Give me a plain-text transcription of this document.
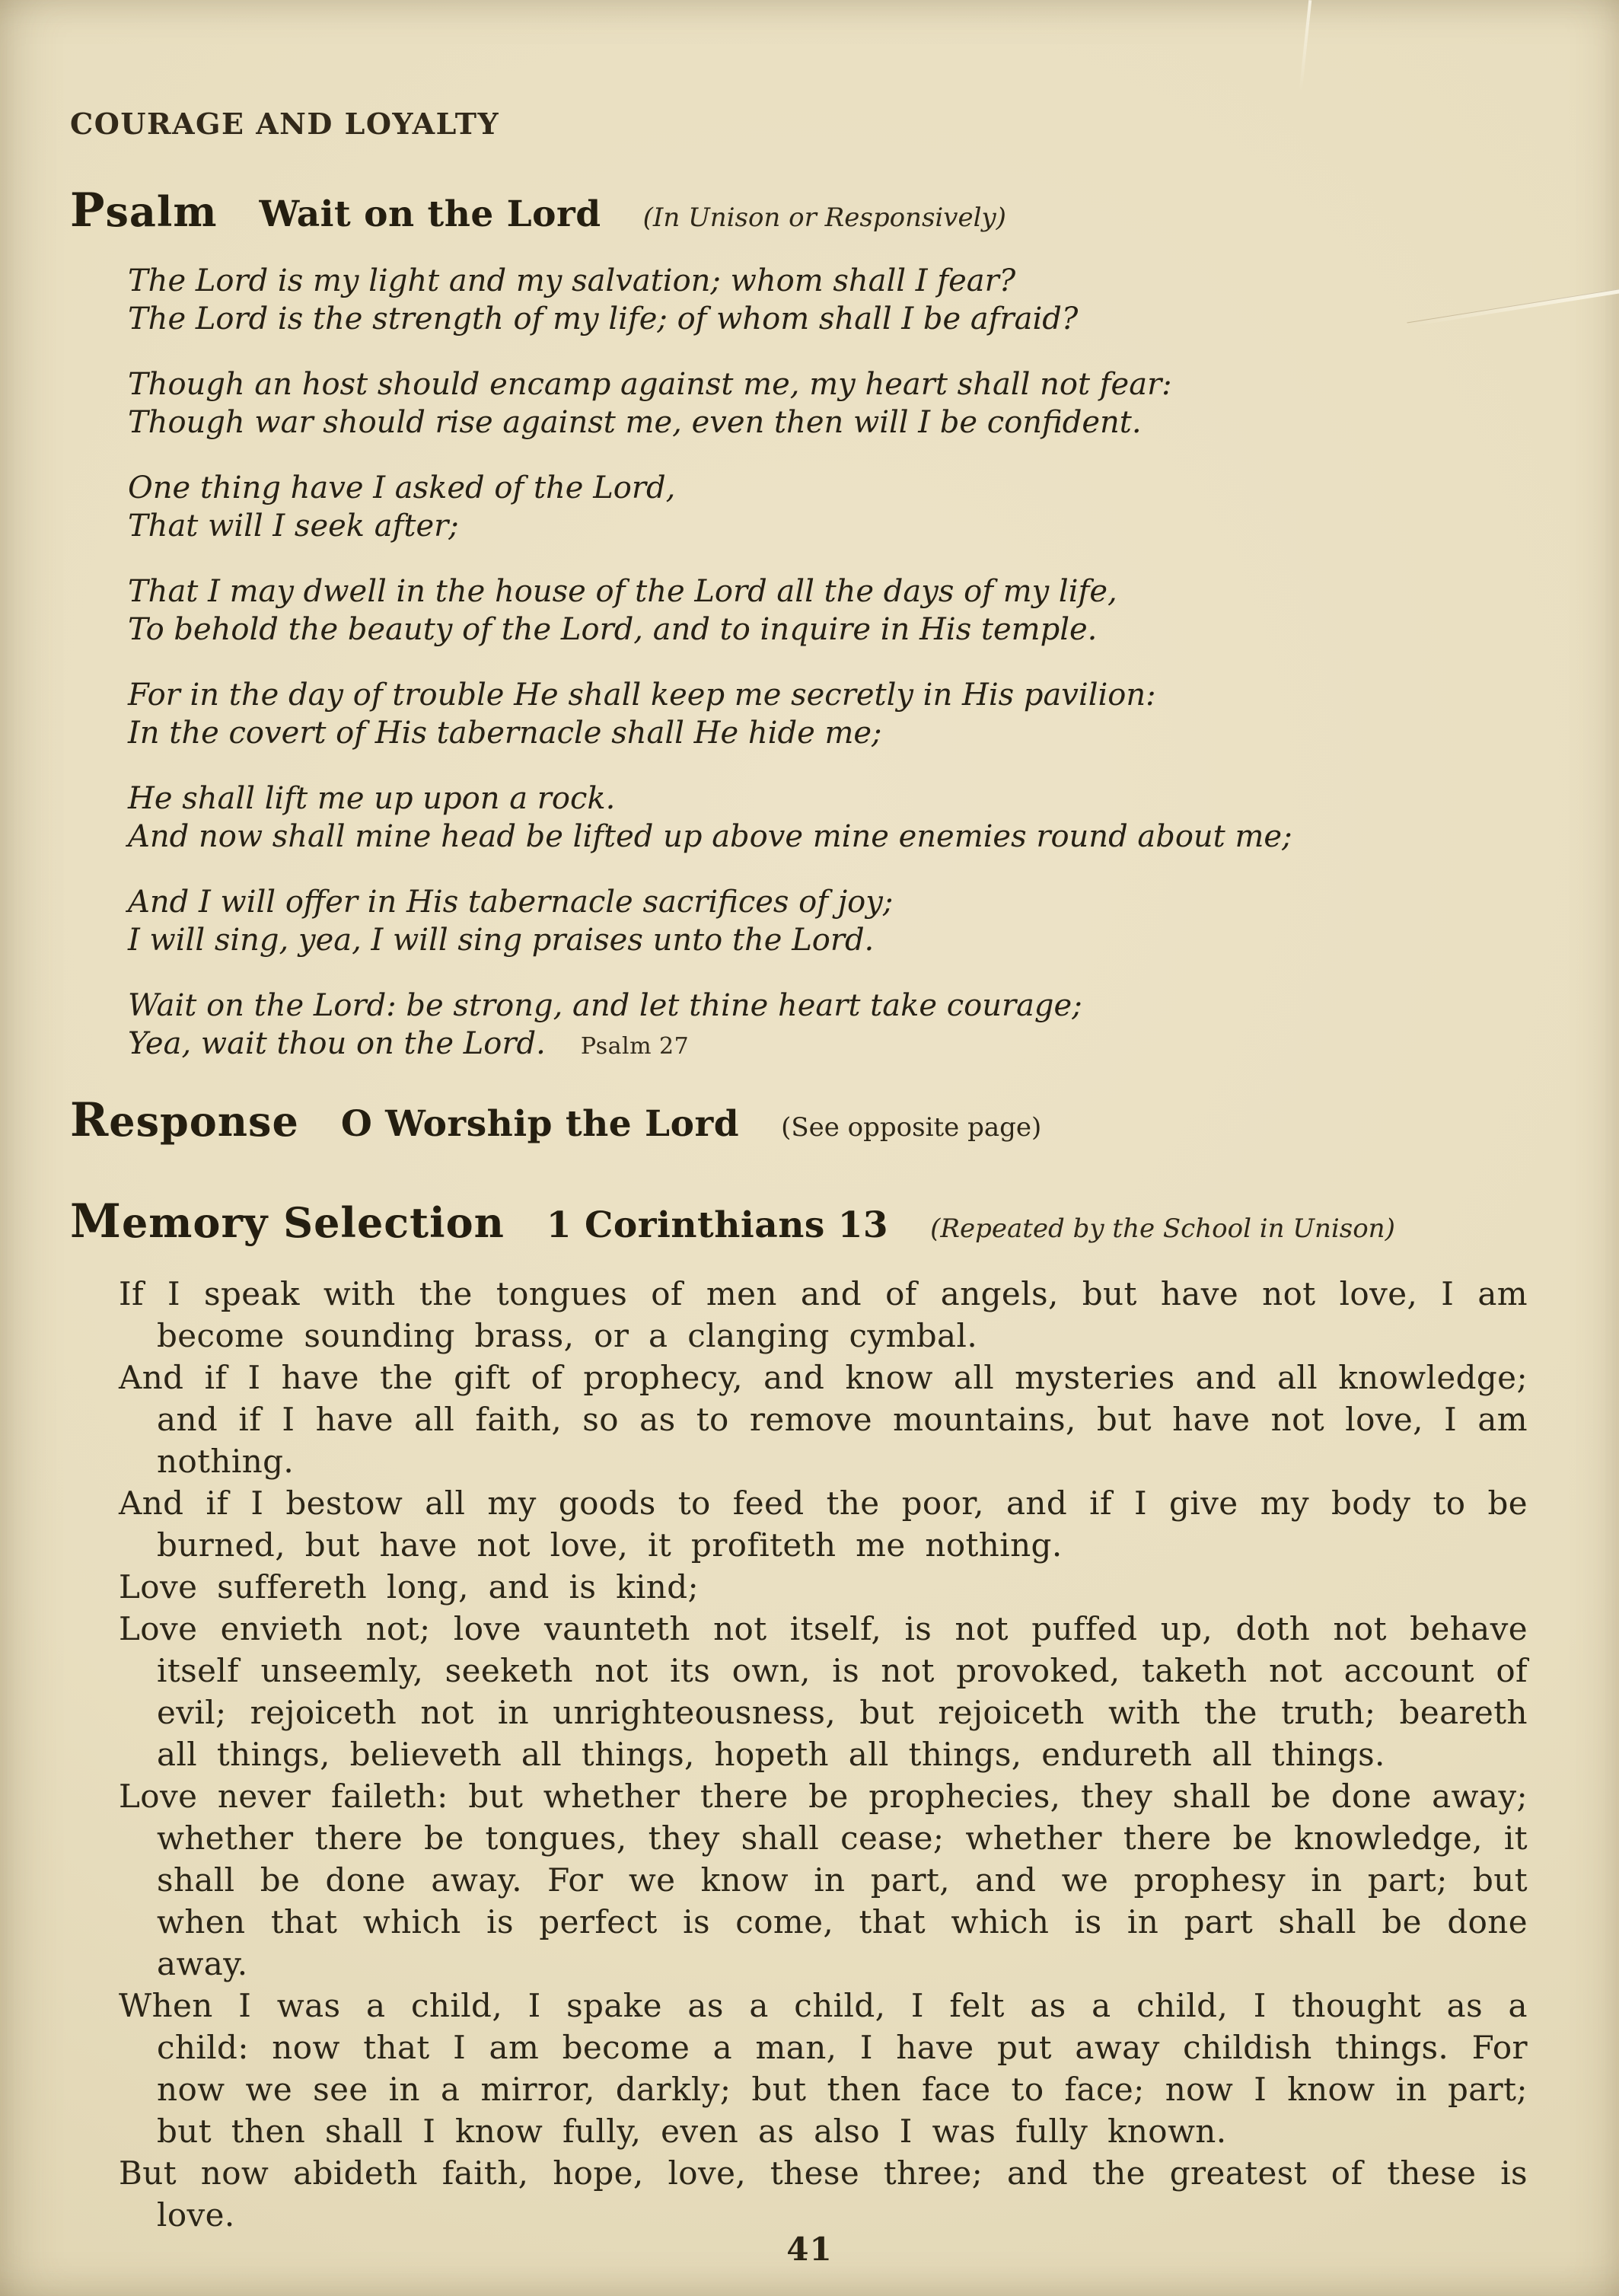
COURAGE AND LOYALTY
Psalm Wait on the Lord (In Unison or Responsively)
The Lord is my light and my salvation; whom shall I fear?
The Lord is the strength of my life; of whom shall I be afraid?
Though an host should encamp against me, my heart shall not fear:
Though war should rise against me, even then will I be confident.
One thing have I asked of the Lord,
That will I seek after;
That I may dwell in the house of the Lord all the days of my life,
To behold the beauty of the Lord, and to inquire in His temple.
For in the day of trouble He shall keep me secretly in His pavilion:
In the covert of His tabernacle shall He hide me;
He shall lift me up upon a rock.
And now shall mine head be lifted up above mine enemies round about me;
And I will offer in His tabernacle sacrifices of joy;
I will sing, yea, I will sing praises unto the Lord.
Wait on the Lord: be strong, and let thine heart take courage;
Yea, wait thou on the Lord. Psalm 27
Response O Worship the Lord (See opposite page)
Memory Selection 1 Corinthians 13 (Repeated by the School in Unison)

If I speak with the tongues of men and of angels, but have not love, I am become sounding brass, or a clanging cymbal.

And if I have the gift of prophecy, and know all mysteries and all knowledge; and if I have all faith, so as to remove mountains, but have not love, I am nothing.

And if I bestow all my goods to feed the poor, and if I give my body to be burned, but have not love, it profiteth me nothing.

Love suffereth long, and is kind;

Love envieth not; love vaunteth not itself, is not puffed up, doth not behave itself unseemly, seeketh not its own, is not provoked, taketh not account of evil; rejoiceth not in unrighteousness, but rejoiceth with the truth; beareth all things, believeth all things, hopeth all things, endureth all things.

Love never faileth: but whether there be prophecies, they shall be done away; whether there be tongues, they shall cease; whether there be knowledge, it shall be done away. For we know in part, and we prophesy in part; but when that which is perfect is come, that which is in part shall be done away.

When I was a child, I spake as a child, I felt as a child, I thought as a child: now that I am become a man, I have put away childish things. For now we see in a mirror, darkly; but then face to face; now I know in part; but then shall I know fully, even as also I was fully known.

But now abideth faith, hope, love, these three; and the greatest of these is love.

41
